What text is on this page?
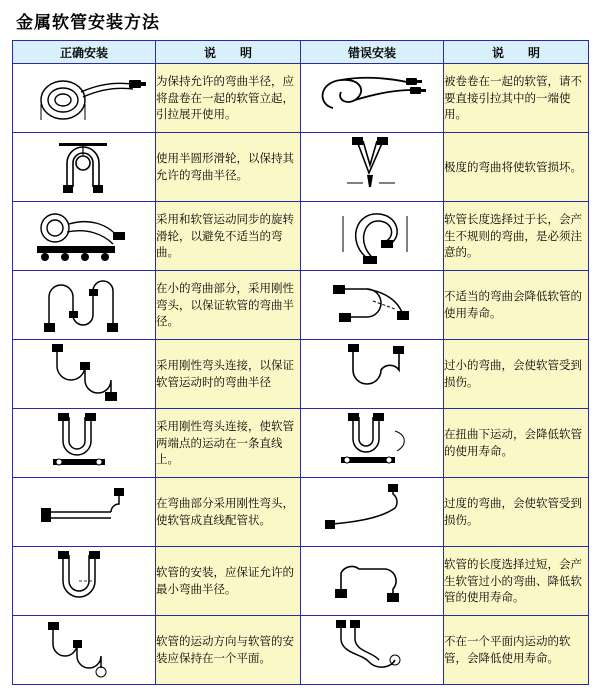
金属软管安装方法
正确安装	说　　明	错误安装	说　　明

	为保持允许的弯曲半径，应将盘卷在一起的软管立起，引拉展开使用。		被卷卷在一起的软管，请不要直接引拉其中的一端使用。

	使用半圆形滑轮，以保持其允许的弯曲半径。		极度的弯曲将使软管损坏。

	采用和软管运动同步的旋转滑轮，以避免不适当的弯曲。		软管长度选择过于长，会产生不规则的弯曲，是必须注意的。

	在小的弯曲部分，采用刚性弯头，以保证软管的弯曲半径。		不适当的弯曲会降低软管的使用寿命。

	采用刚性弯头连接，以保证软管运动时的弯曲半径		过小的弯曲，会使软管受到损伤。

	采用刚性弯头连接，使软管两端点的运动在一条直线上。		在扭曲下运动，会降低软管的使用寿命。

	在弯曲部分采用刚性弯头，使软管成直线配管状。		过度的弯曲，会使软管受到损伤。

	软管的安装，应保证允许的最小弯曲半径。		软管的长度选择过短，会产生软管过小的弯曲、降低软管的使用寿命。

	软管的运动方向与软管的安装应保持在一个平面。		不在一个平面内运动的软管，会降低使用寿命。
